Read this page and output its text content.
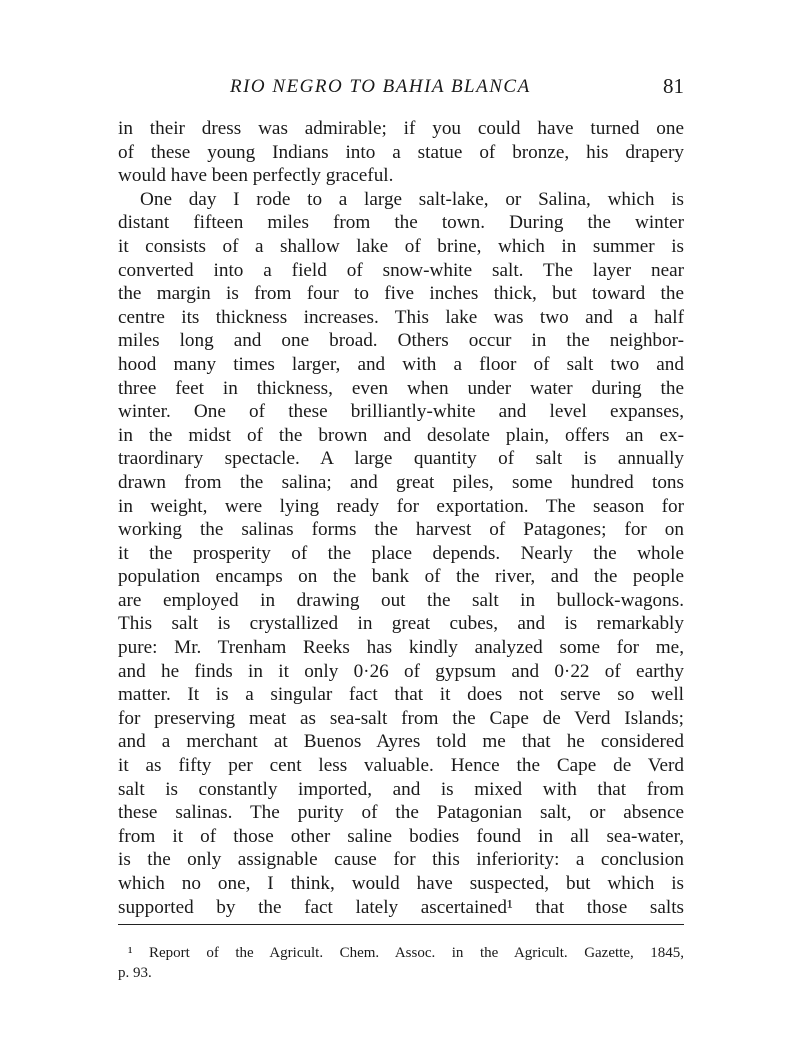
RIO NEGRO TO BAHIA BLANCA	81
in their dress was admirable; if you could have turned one
of these young Indians into a statue of bronze, his drapery
would have been perfectly graceful.
One day I rode to a large salt-lake, or Salina, which is
distant fifteen miles from the town. During the winter
it consists of a shallow lake of brine, which in summer is
converted into a field of snow-white salt. The layer near
the margin is from four to five inches thick, but toward the
centre its thickness increases. This lake was two and a half
miles long and one broad. Others occur in the neighbor-
hood many times larger, and with a floor of salt two and
three feet in thickness, even when under water during the
winter. One of these brilliantly-white and level expanses,
in the midst of the brown and desolate plain, offers an ex-
traordinary spectacle. A large quantity of salt is annually
drawn from the salina; and great piles, some hundred tons
in weight, were lying ready for exportation. The season for
working the salinas forms the harvest of Patagones; for on
it the prosperity of the place depends. Nearly the whole
population encamps on the bank of the river, and the people
are employed in drawing out the salt in bullock-wagons.
This salt is crystallized in great cubes, and is remarkably
pure: Mr. Trenham Reeks has kindly analyzed some for me,
and he finds in it only 0·26 of gypsum and 0·22 of earthy
matter. It is a singular fact that it does not serve so well
for preserving meat as sea-salt from the Cape de Verd Islands;
and a merchant at Buenos Ayres told me that he considered
it as fifty per cent less valuable. Hence the Cape de Verd
salt is constantly imported, and is mixed with that from
these salinas. The purity of the Patagonian salt, or absence
from it of those other saline bodies found in all sea-water,
is the only assignable cause for this inferiority: a conclusion
which no one, I think, would have suspected, but which is
supported by the fact lately ascertained¹ that those salts
¹ Report of the Agricult. Chem. Assoc. in the Agricult. Gazette, 1845,
p. 93.
